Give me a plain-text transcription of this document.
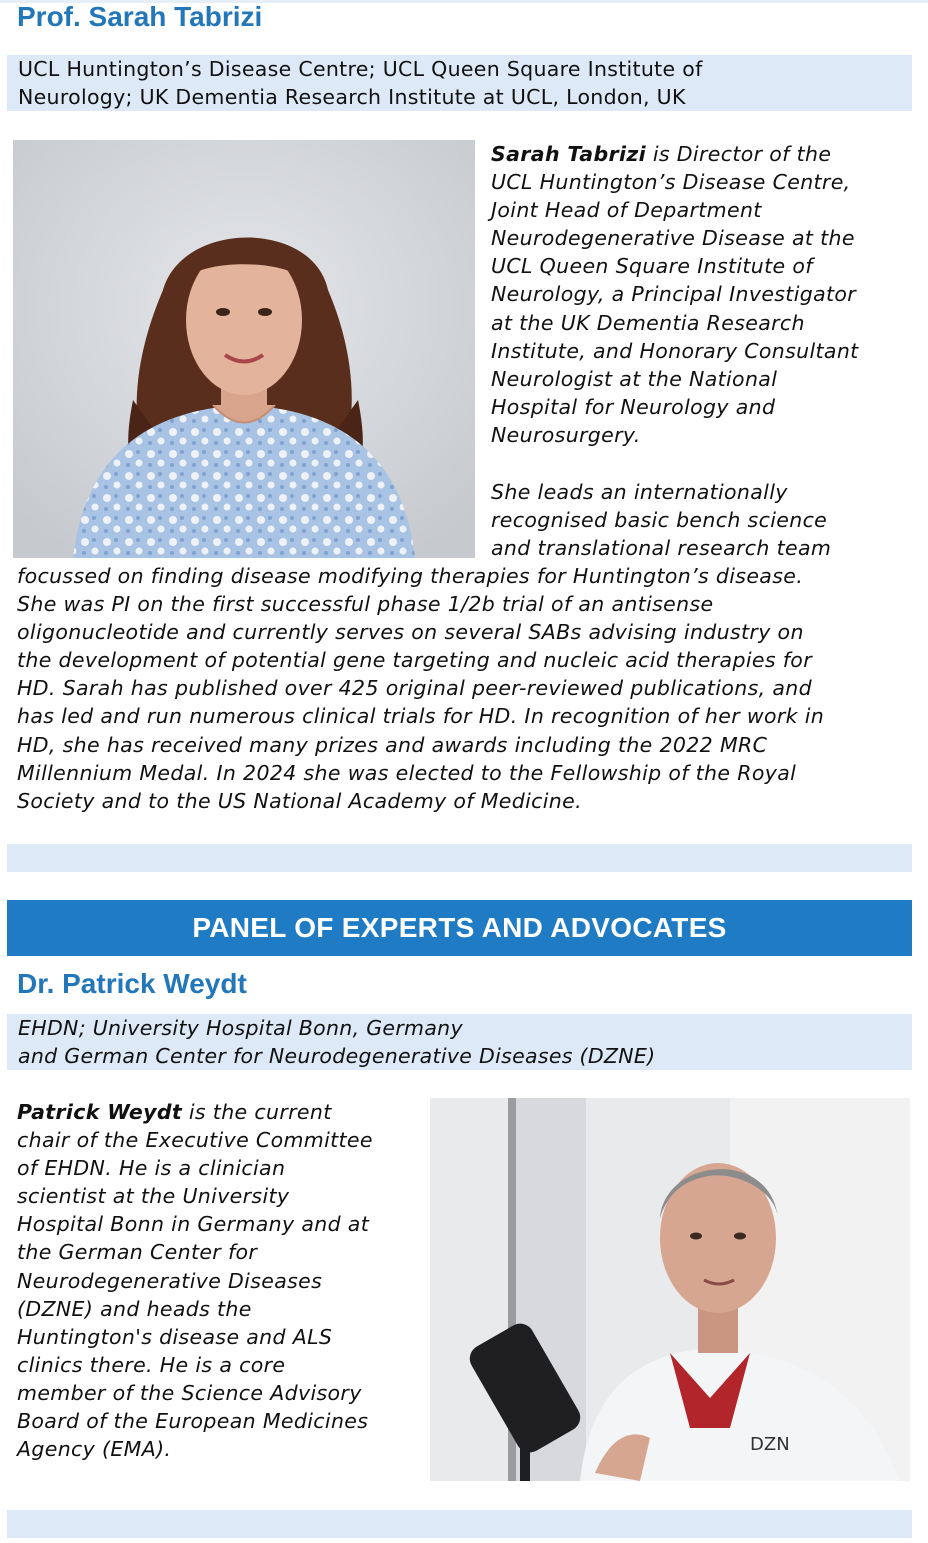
Prof. Sarah Tabrizi
UCL Huntington’s Disease Centre; UCL Queen Square Institute of
Neurology; UK Dementia Research Institute at UCL, London, UK

Sarah Tabrizi is Director of the
UCL Huntington’s Disease Centre,
Joint Head of Department
Neurodegenerative Disease at the
UCL Queen Square Institute of
Neurology, a Principal Investigator
at the UK Dementia Research
Institute, and Honorary Consultant
Neurologist at the National
Hospital for Neurology and
Neurosurgery.

She leads an internationally
recognised basic bench science
and translational research team

focussed on finding disease modifying therapies for Huntington’s disease.
She was PI on the first successful phase 1/2b trial of an antisense
oligonucleotide and currently serves on several SABs advising industry on
the development of potential gene targeting and nucleic acid therapies for
HD. Sarah has published over 425 original peer-reviewed publications, and
has led and run numerous clinical trials for HD. In recognition of her work in
HD, she has received many prizes and awards including the 2022 MRC
Millennium Medal. In 2024 she was elected to the Fellowship of the Royal
Society and to the US National Academy of Medicine.

PANEL OF EXPERTS AND ADVOCATES
Dr. Patrick Weydt
EHDN; University Hospital Bonn, Germany
and German Center for Neurodegenerative Diseases (DZNE)

Patrick Weydt is the current
chair of the Executive Committee
of EHDN. He is a clinician
scientist at the University
Hospital Bonn in Germany and at
the German Center for
Neurodegenerative Diseases
(DZNE) and heads the
Huntington's disease and ALS
clinics there. He is a core
member of the Science Advisory
Board of the European Medicines
Agency (EMA).	DZN
